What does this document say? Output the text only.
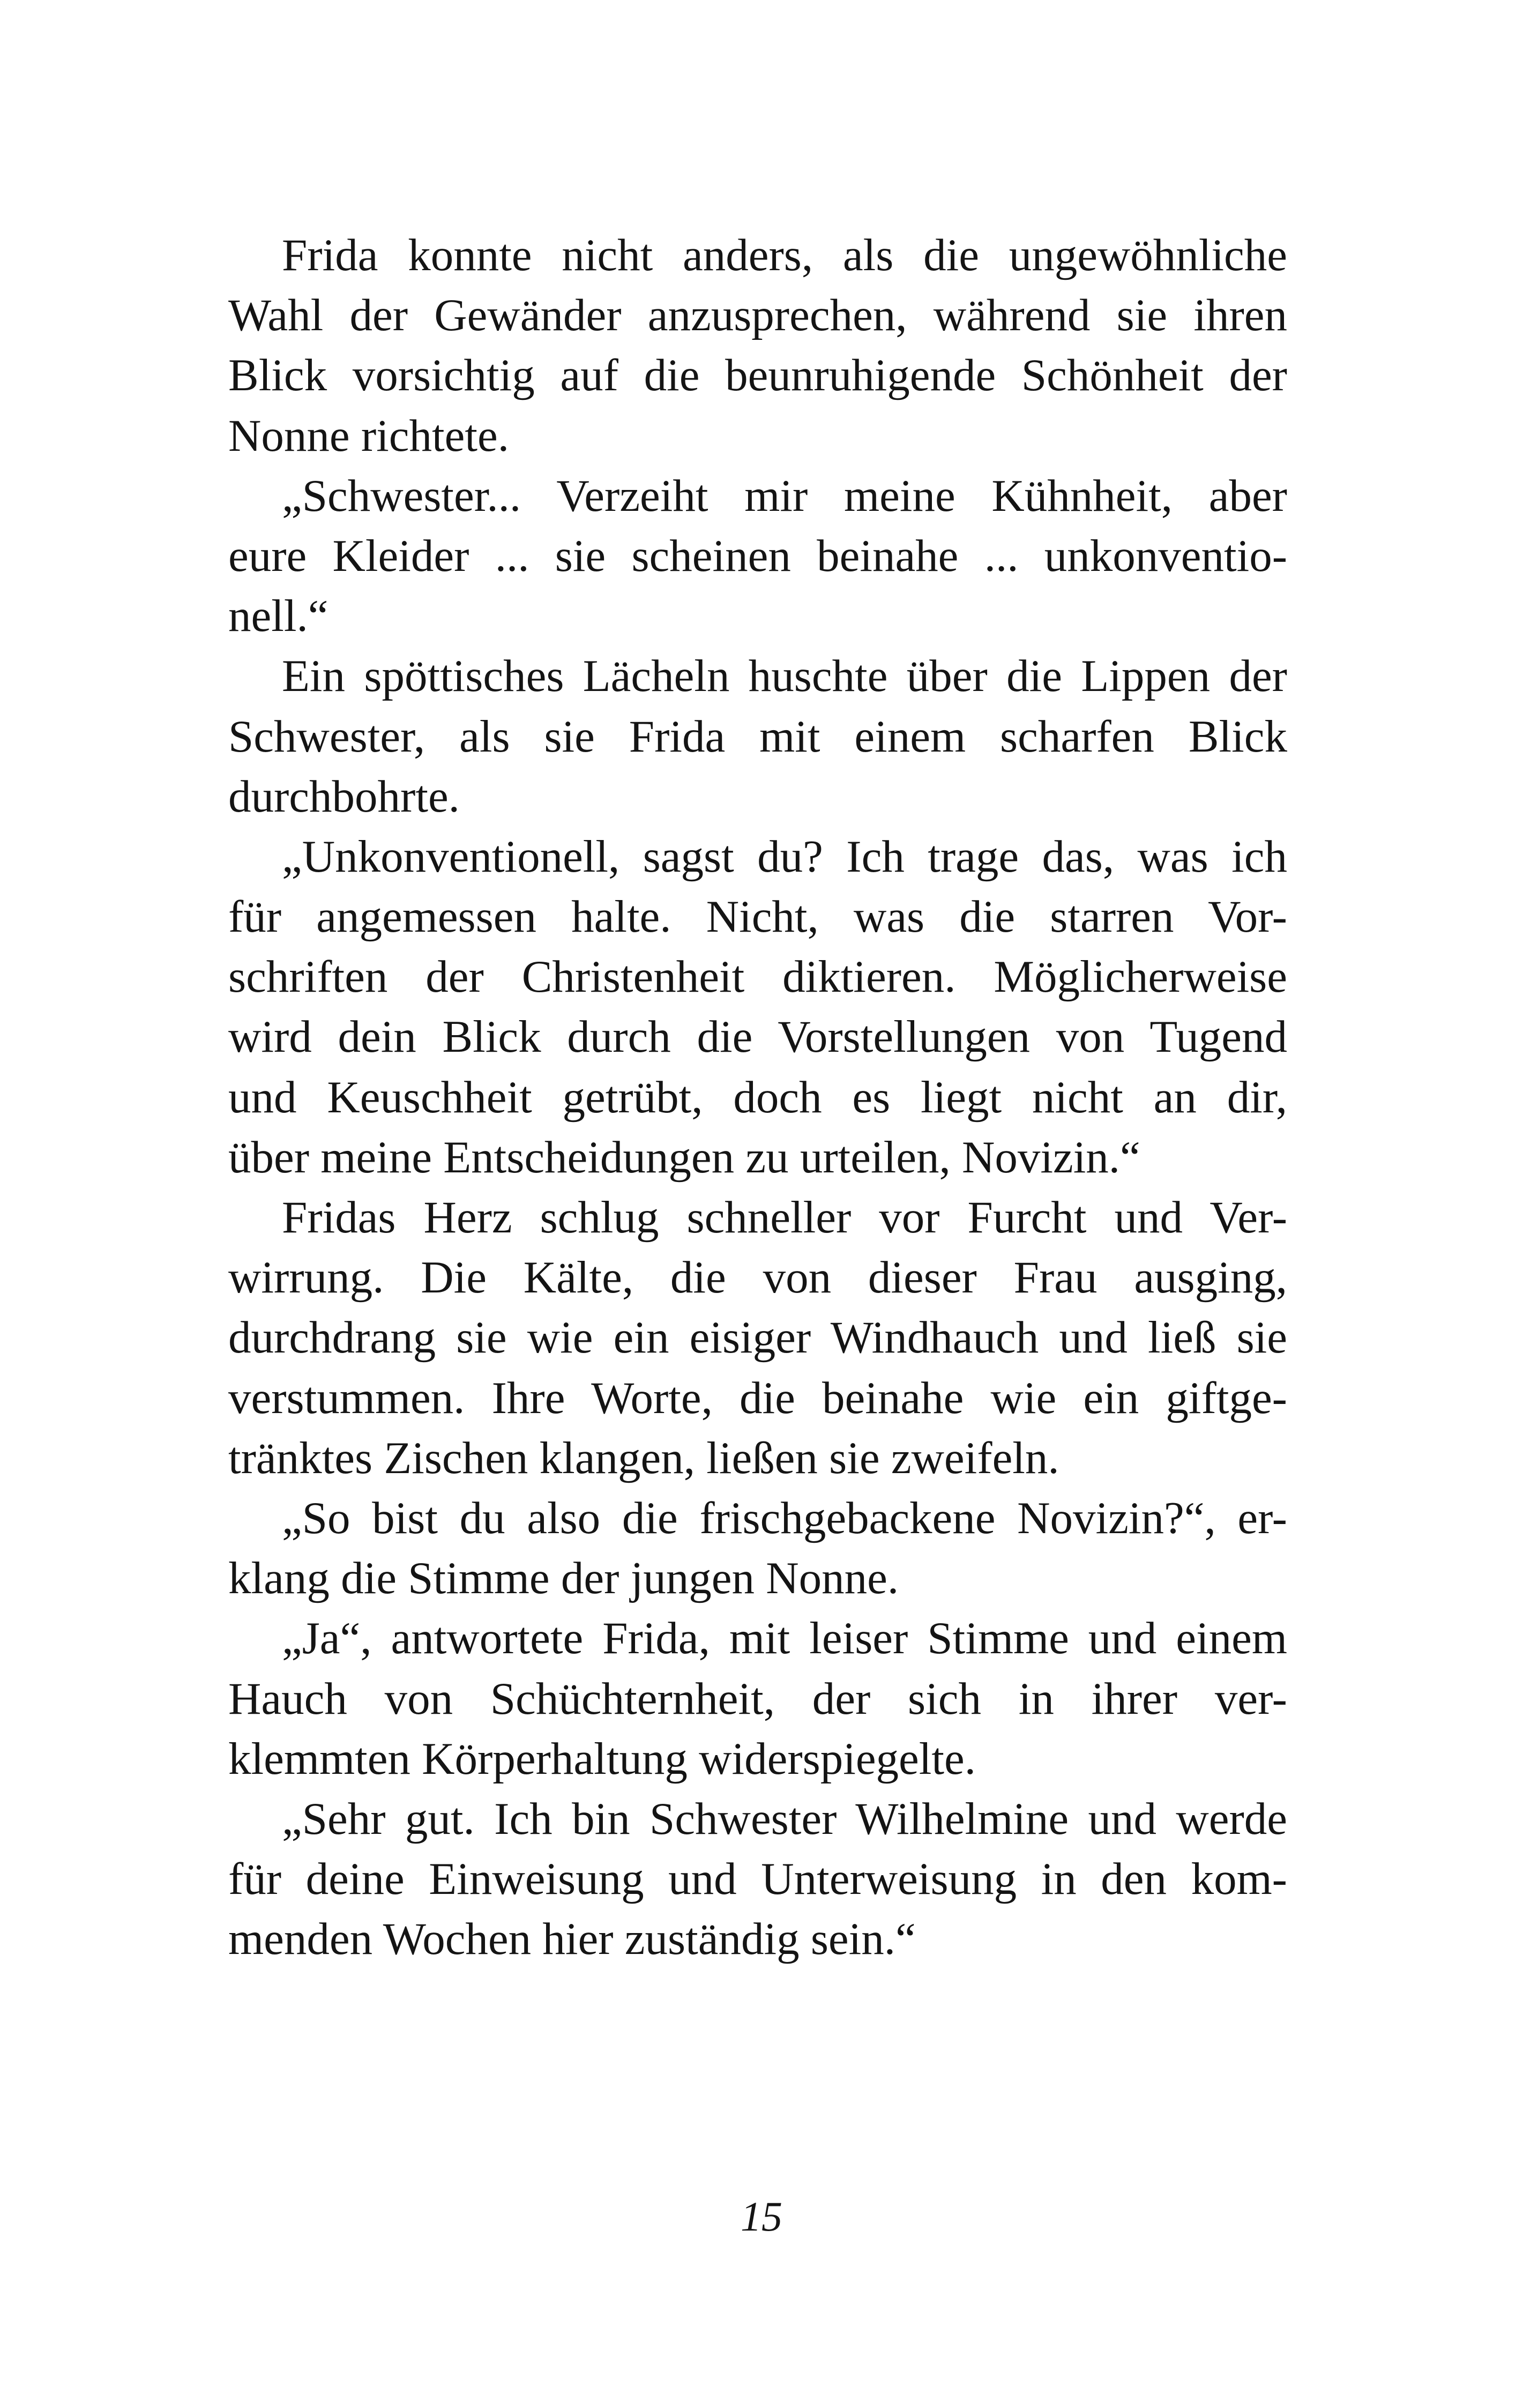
Frida konnte nicht anders, als die ungewöhnliche
Wahl der Gewänder anzusprechen, während sie ihren
Blick vorsichtig auf die beunruhigende Schönheit der
Nonne richtete.
„Schwester... Verzeiht mir meine Kühnheit, aber
eure Kleider ... sie scheinen beinahe ... unkonventio-
nell.“
Ein spöttisches Lächeln huschte über die Lippen der
Schwester, als sie Frida mit einem scharfen Blick
durchbohrte.
„Unkonventionell, sagst du? Ich trage das, was ich
für angemessen halte. Nicht, was die starren Vor-
schriften der Christenheit diktieren. Möglicherweise
wird dein Blick durch die Vorstellungen von Tugend
und Keuschheit getrübt, doch es liegt nicht an dir,
über meine Entscheidungen zu urteilen, Novizin.“
Fridas Herz schlug schneller vor Furcht und Ver-
wirrung. Die Kälte, die von dieser Frau ausging,
durchdrang sie wie ein eisiger Windhauch und ließ sie
verstummen. Ihre Worte, die beinahe wie ein giftge-
tränktes Zischen klangen, ließen sie zweifeln.
„So bist du also die frischgebackene Novizin?“, er-
klang die Stimme der jungen Nonne.
„Ja“, antwortete Frida, mit leiser Stimme und einem
Hauch von Schüchternheit, der sich in ihrer ver-
klemmten Körperhaltung widerspiegelte.
„Sehr gut. Ich bin Schwester Wilhelmine und werde
für deine Einweisung und Unterweisung in den kom-
menden Wochen hier zuständig sein.“
15
